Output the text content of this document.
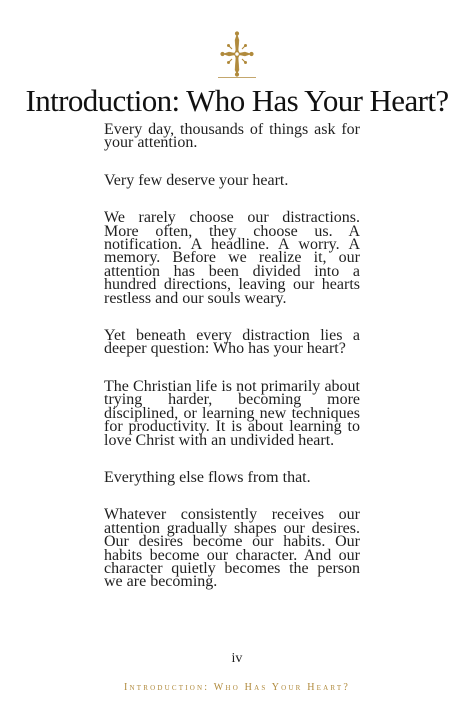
Introduction: Who Has Your Heart?

Every day, thousands of things ask for your attention.

Very few deserve your heart.

We rarely choose our distractions. More often, they choose us. A notification. A headline. A worry. A memory. Before we realize it, our attention has been divided into a hundred directions, leaving our hearts restless and our souls weary.

Yet beneath every distraction lies a deeper question: Who has your heart?

The Christian life is not primarily about trying harder, becoming more disciplined, or learning new techniques for productivity. It is about learning to love Christ with an undivided heart.

Everything else flows from that.

Whatever consistently receives our attention gradually shapes our desires. Our desires become our habits. Our habits become our character. And our character quietly becomes the person we are becoming.

iv
Introduction: Who Has Your Heart?
